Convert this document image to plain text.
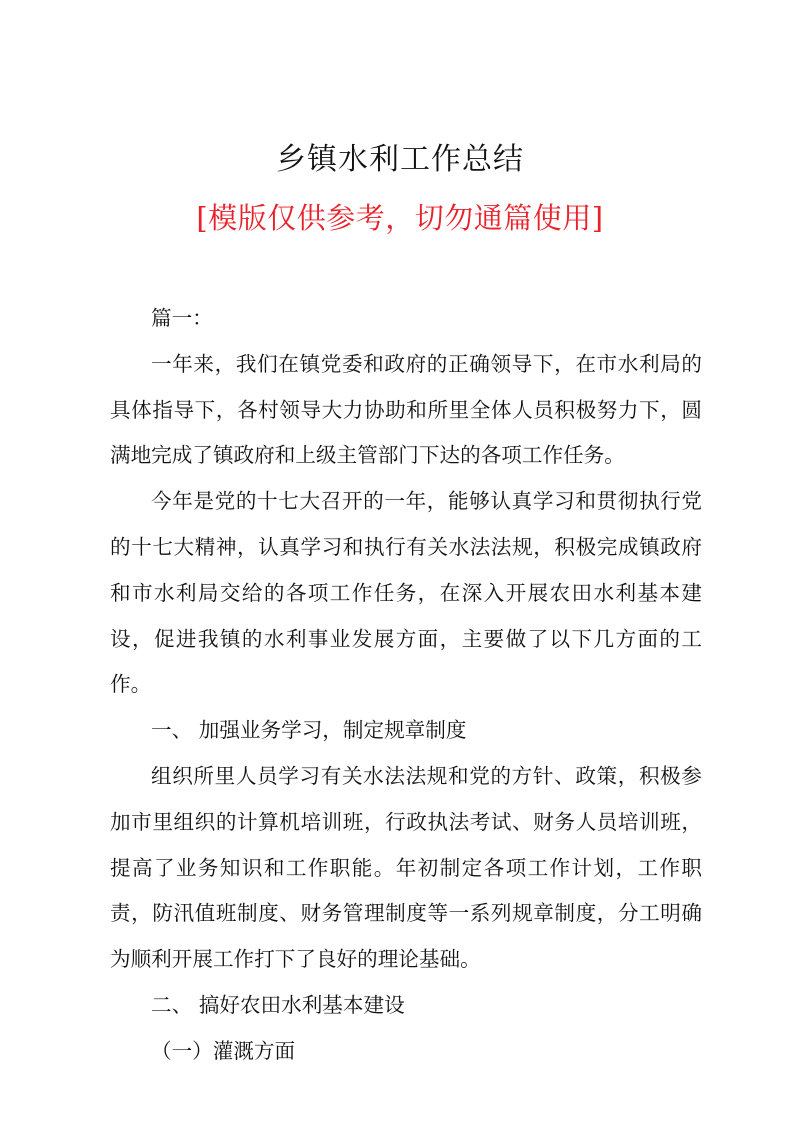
乡镇水利工作总结
[模版仅供参考，切勿通篇使用]

篇一：

一年来，我们在镇党委和政府的正确领导下，在市水利局的具体指导下，各村领导大力协助和所里全体人员积极努力下，圆满地完成了镇政府和上级主管部门下达的各项工作任务。

今年是党的十七大召开的一年，能够认真学习和贯彻执行党的十七大精神，认真学习和执行有关水法法规，积极完成镇政府和市水利局交给的各项工作任务，在深入开展农田水利基本建设，促进我镇的水利事业发展方面，主要做了以下几方面的工作。

一、 加强业务学习，制定规章制度

组织所里人员学习有关水法法规和党的方针、政策，积极参加市里组织的计算机培训班，行政执法考试、财务人员培训班，提高了业务知识和工作职能。年初制定各项工作计划，工作职责，防汛值班制度、财务管理制度等一系列规章制度，分工明确为顺利开展工作打下了良好的理论基础。

二、 搞好农田水利基本建设

（一）灌溉方面
